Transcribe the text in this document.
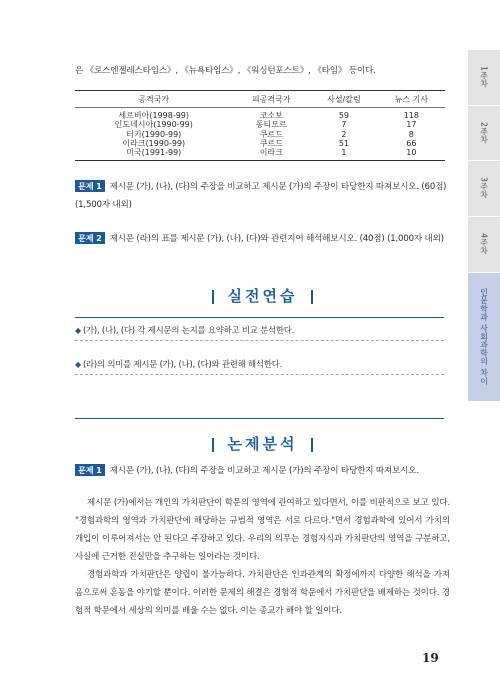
은 《로스엔젤레스타임스》, 《뉴욕타임스》, 《워싱턴포스트》, 《타임》 등이다.
공격국가	피공격국가	사설/칼럼	뉴스 기사
세르비아(1998-99)	코소보	59	118
인도네시아(1990-99)	동티모르	7	17
터키(1990-99)	쿠르드	2	8
이라크(1990-99)	쿠르드	51	66
미국(1991-99)	이라크	1	10
문제 1 제시문 (가), (나), (다)의 주장을 비교하고 제시문 (가)의 주장이 타당한지 따져보시오. (60점) (1,500자 내외)
문제 2 제시문 (라)의 표를 제시문 (가), (나), (다)와 관련지어 해석해보시오. (40점) (1,000자 내외)
실전연습
◆ (가), (나), (다) 각 제시문의 논지를 요약하고 비교 분석한다.
◆ (라)의 의미를 제시문 (가), (나), (다)와 관련해 해석한다.
논제분석
문제 1 제시문 (가), (나), (다)의 주장을 비교하고 제시문 (가)의 주장이 타당한지 따져보시오.

제시문 (가)에서는 개인의 가치판단이 학문의 영역에 관여하고 있다면서, 이를 비판적으로 보고 있다. "경험과학의 영역과 가치판단에 해당하는 규범적 영역은 서로 다르다."면서 경험과학에 있어서 가치의 개입이 이루어져서는 안 된다고 주장하고 있다. 우리의 의무는 경험지식과 가치판단의 영역을 구분하고, 사실에 근거한 진실만을 추구하는 일이라는 것이다.

경험과학과 가치판단은 양립이 불가능하다. 가치판단은 인과관계의 확정에까지 다양한 해석을 가져옴으로써 혼동을 야기할 뿐이다. 이러한 문제의 해결은 경험적 학문에서 가치판단을 배제하는 것이다. 경험적 학문에서 세상의 의미를 배울 수는 없다. 이는 종교가 해야 할 일이다.

19
1주차
2주차
3주차
4주차
인문학과 사회과학의 차이
